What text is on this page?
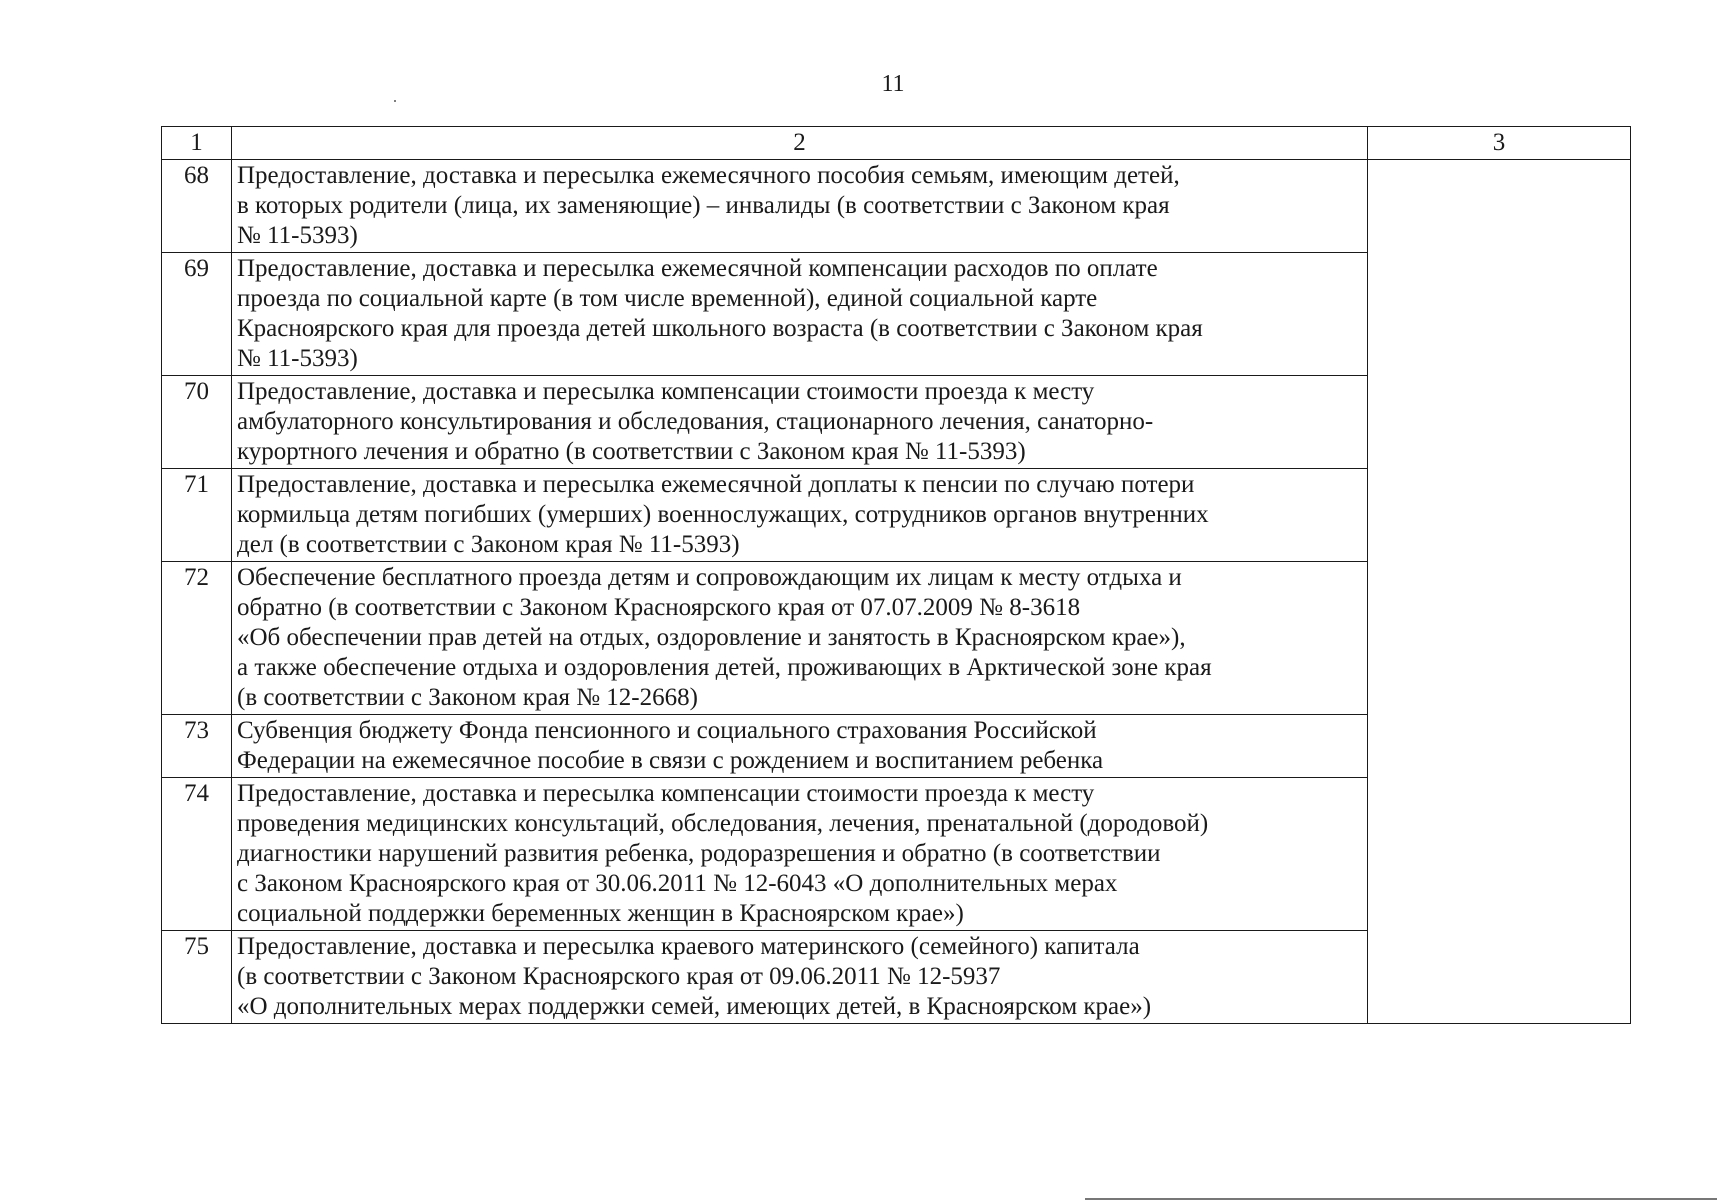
11
1	2	3
68	Предоставление, доставка и пересылка ежемесячного пособия семьям, имеющим детей,
в которых родители (лица, их заменяющие) – инвалиды (в соответствии с Законом края
№ 11-5393)	
69	Предоставление, доставка и пересылка ежемесячной компенсации расходов по оплате
проезда по социальной карте (в том числе временной), единой социальной карте
Красноярского края для проезда детей школьного возраста (в соответствии с Законом края
№ 11-5393)	
70	Предоставление, доставка и пересылка компенсации стоимости проезда к месту
амбулаторного консультирования и обследования, стационарного лечения, санаторно-
курортного лечения и обратно (в соответствии с Законом края № 11-5393)	
71	Предоставление, доставка и пересылка ежемесячной доплаты к пенсии по случаю потери
кормильца детям погибших (умерших) военнослужащих, сотрудников органов внутренних
дел (в соответствии с Законом края № 11-5393)	
72	Обеспечение бесплатного проезда детям и сопровождающим их лицам к месту отдыха и
обратно (в соответствии с Законом Красноярского края от 07.07.2009 № 8-3618
«Об обеспечении прав детей на отдых, оздоровление и занятость в Красноярском крае»),
а также обеспечение отдыха и оздоровления детей, проживающих в Арктической зоне края
(в соответствии с Законом края № 12-2668)	
73	Субвенция бюджету Фонда пенсионного и социального страхования Российской
Федерации на ежемесячное пособие в связи с рождением и воспитанием ребенка	
74	Предоставление, доставка и пересылка компенсации стоимости проезда к месту
проведения медицинских консультаций, обследования, лечения, пренатальной (дородовой)
диагностики нарушений развития ребенка, родоразрешения и обратно (в соответствии
с Законом Красноярского края от 30.06.2011 № 12-6043 «О дополнительных мерах
социальной поддержки беременных женщин в Красноярском крае»)	
75	Предоставление, доставка и пересылка краевого материнского (семейного) капитала
(в соответствии с Законом Красноярского края от 09.06.2011 № 12-5937
«О дополнительных мерах поддержки семей, имеющих детей, в Красноярском крае»)	
